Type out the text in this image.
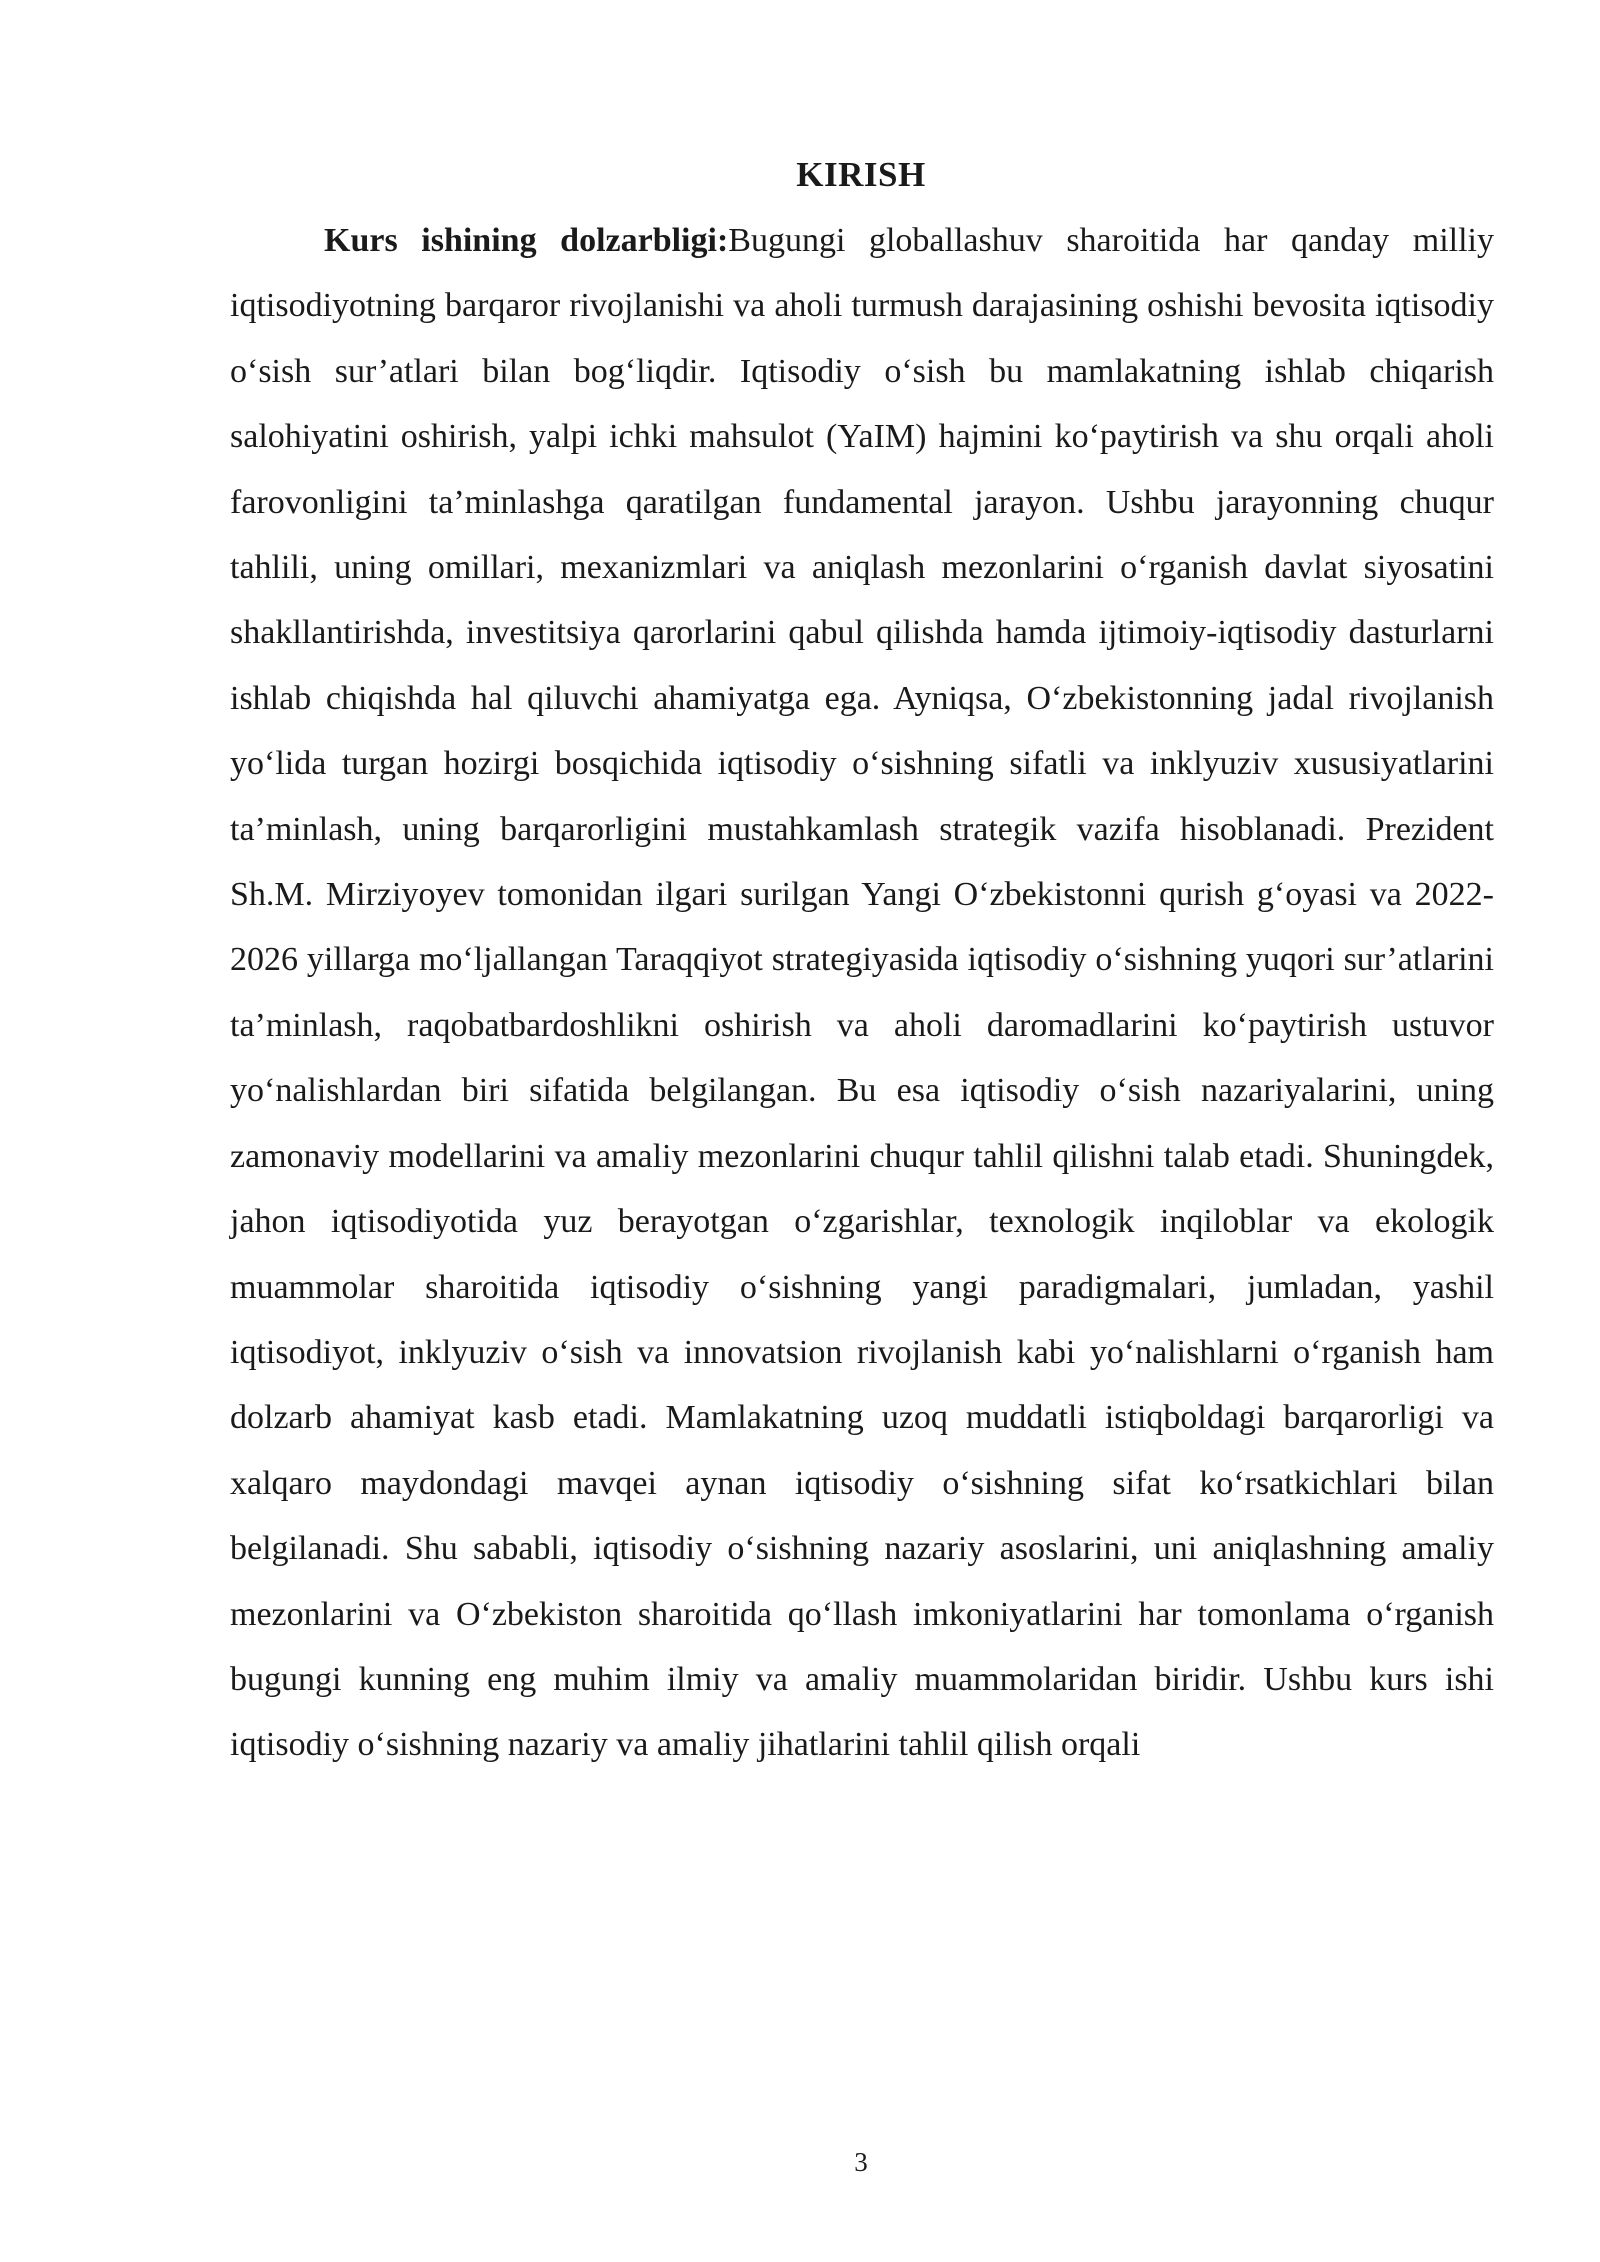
KIRISH

Kurs ishining dolzarbligi:Bugungi globallashuv sharoitida har qanday milliy iqtisodiyotning barqaror rivojlanishi va aholi turmush darajasining oshishi bevosita iqtisodiy o‘sish sur’atlari bilan bog‘liqdir. Iqtisodiy o‘sish bu mamlakatning ishlab chiqarish salohiyatini oshirish, yalpi ichki mahsulot (YaIM) hajmini ko‘paytirish va shu orqali aholi farovonligini ta’minlashga qaratilgan fundamental jarayon. Ushbu jarayonning chuqur tahlili, uning omillari, mexanizmlari va aniqlash mezonlarini o‘rganish davlat siyosatini shakllantirishda, investitsiya qarorlarini qabul qilishda hamda ijtimoiy-iqtisodiy dasturlarni ishlab chiqishda hal qiluvchi ahamiyatga ega. Ayniqsa, O‘zbekistonning jadal rivojlanish yo‘lida turgan hozirgi bosqichida iqtisodiy o‘sishning sifatli va inklyuziv xususiyatlarini ta’minlash, uning barqarorligini mustahkamlash strategik vazifa hisoblanadi. Prezident Sh.M. Mirziyoyev tomonidan ilgari surilgan Yangi O‘zbekistonni qurish g‘oyasi va 2022-2026 yillarga mo‘ljallangan Taraqqiyot strategiyasida iqtisodiy o‘sishning yuqori sur’atlarini ta’minlash, raqobatbardoshlikni oshirish va aholi daromadlarini ko‘paytirish ustuvor yo‘nalishlardan biri sifatida belgilangan. Bu esa iqtisodiy o‘sish nazariyalarini, uning zamonaviy modellarini va amaliy mezonlarini chuqur tahlil qilishni talab etadi. Shuningdek, jahon iqtisodiyotida yuz berayotgan o‘zgarishlar, texnologik inqiloblar va ekologik muammolar sharoitida iqtisodiy o‘sishning yangi paradigmalari, jumladan, yashil iqtisodiyot, inklyuziv o‘sish va innovatsion rivojlanish kabi yo‘nalishlarni o‘rganish ham dolzarb ahamiyat kasb etadi. Mamlakatning uzoq muddatli istiqboldagi barqarorligi va xalqaro maydondagi mavqei aynan iqtisodiy o‘sishning sifat ko‘rsatkichlari bilan belgilanadi. Shu sababli, iqtisodiy o‘sishning nazariy asoslarini, uni aniqlashning amaliy mezonlarini va O‘zbekiston sharoitida qo‘llash imkoniyatlarini har tomonlama o‘rganish bugungi kunning eng muhim ilmiy va amaliy muammolaridan biridir. Ushbu kurs ishi iqtisodiy o‘sishning nazariy va amaliy jihatlarini tahlil qilish orqali

3
